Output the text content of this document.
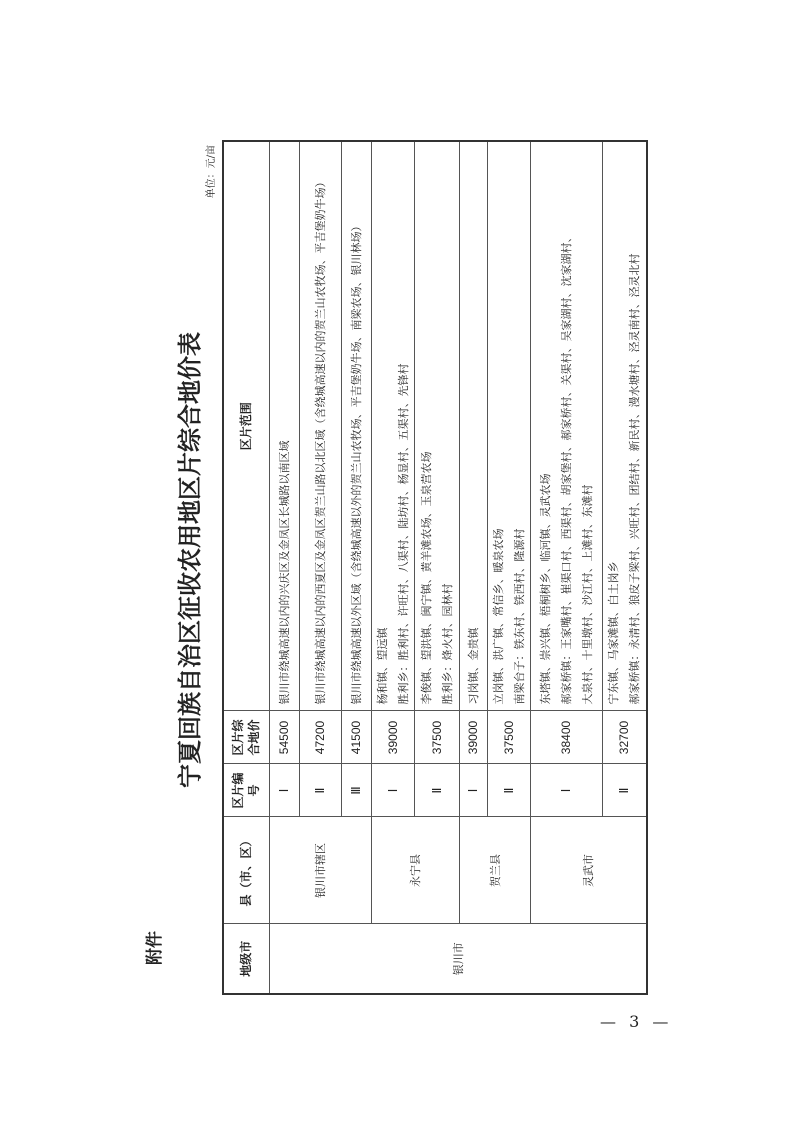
附件
宁夏回族自治区征收农用地区片综合地价表
单位：元/亩
地级市	县（市、区）	区片编号	区片综合地价	区片范围
银川市	银川市辖区	Ⅰ	54500	银川市绕城高速以内的兴庆区及金凤区长城路以南区域

		Ⅱ	47200	银川市绕城高速以内的西夏区及金凤区贺兰山路以北区域（含绕城高速以内的贺兰山农牧场、平吉堡奶牛场）

		Ⅲ	41500	银川市绕城高速以外区域（含绕城高速以外的贺兰山农牧场、平吉堡奶牛场、南梁农场、银川林场）

	永宁县	Ⅰ	39000	杨和镇、望远镇 胜利乡：胜利村、许旺村、八渠村、陆坊村、杨显村、五渠村、先锋村

		Ⅱ	37500	李俊镇、望洪镇、闽宁镇、黄羊滩农场、玉泉营农场 胜利乡：烽火村、园林村

	贺兰县	Ⅰ	39000	习岗镇、金贵镇

		Ⅱ	37500	立岗镇、洪广镇、常信乡、暖泉农场 南梁台子：铁东村、铁西村、隆源村

	灵武市	Ⅰ	38400	东塔镇、崇兴镇、梧桐树乡、临河镇、灵武农场 郝家桥镇：王家嘴村、崔渠口村、西渠村、胡家堡村、郝家桥村、关渠村、吴家湖村、沈家湖村、 大泉村、十里墩村、沙江村、上滩村、东滩村

		Ⅱ	32700	宁东镇、马家滩镇、白土岗乡 郝家桥镇：永清村、狼皮子梁村、兴旺村、团结村、新民村、漫水塘村、泾灵南村、泾灵北村
— 3 —
